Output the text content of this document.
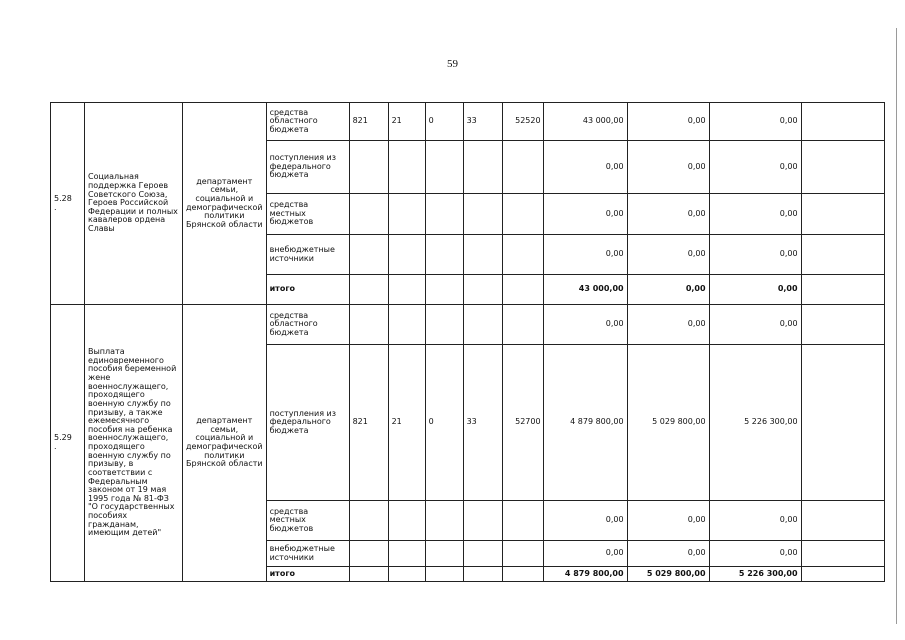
59
5.28
.	Социальная поддержка Героев Советского Союза, Героев Российской Федерации и полных кавалеров ордена Славы	департамент семьи, социальной и демографической политики Брянской области	средства областного бюджета	821	21	0	33	52520	43 000,00	0,00	0,00	
			поступления из федерального бюджета						0,00	0,00	0,00	
			средства местных бюджетов						0,00	0,00	0,00	
			внебюджетные источники						0,00	0,00	0,00	
			итого						43 000,00	0,00	0,00	
5.29
.	Выплата единовременного пособия беременной жене военнослужащего, проходящего военную службу по призыву, а также ежемесячного пособия на ребенка военнослужащего, проходящего военную службу по призыву, в соответствии с Федеральным законом от 19 мая 1995 года № 81-ФЗ "О государственных пособиях гражданам, имеющим детей"	департамент семьи, социальной и демографической политики Брянской области	средства областного бюджета						0,00	0,00	0,00	
			поступления из федерального бюджета	821	21	0	33	52700	4 879 800,00	5 029 800,00	5 226 300,00	
			средства местных бюджетов						0,00	0,00	0,00	
			внебюджетные источники						0,00	0,00	0,00	
			итого						4 879 800,00	5 029 800,00	5 226 300,00	
